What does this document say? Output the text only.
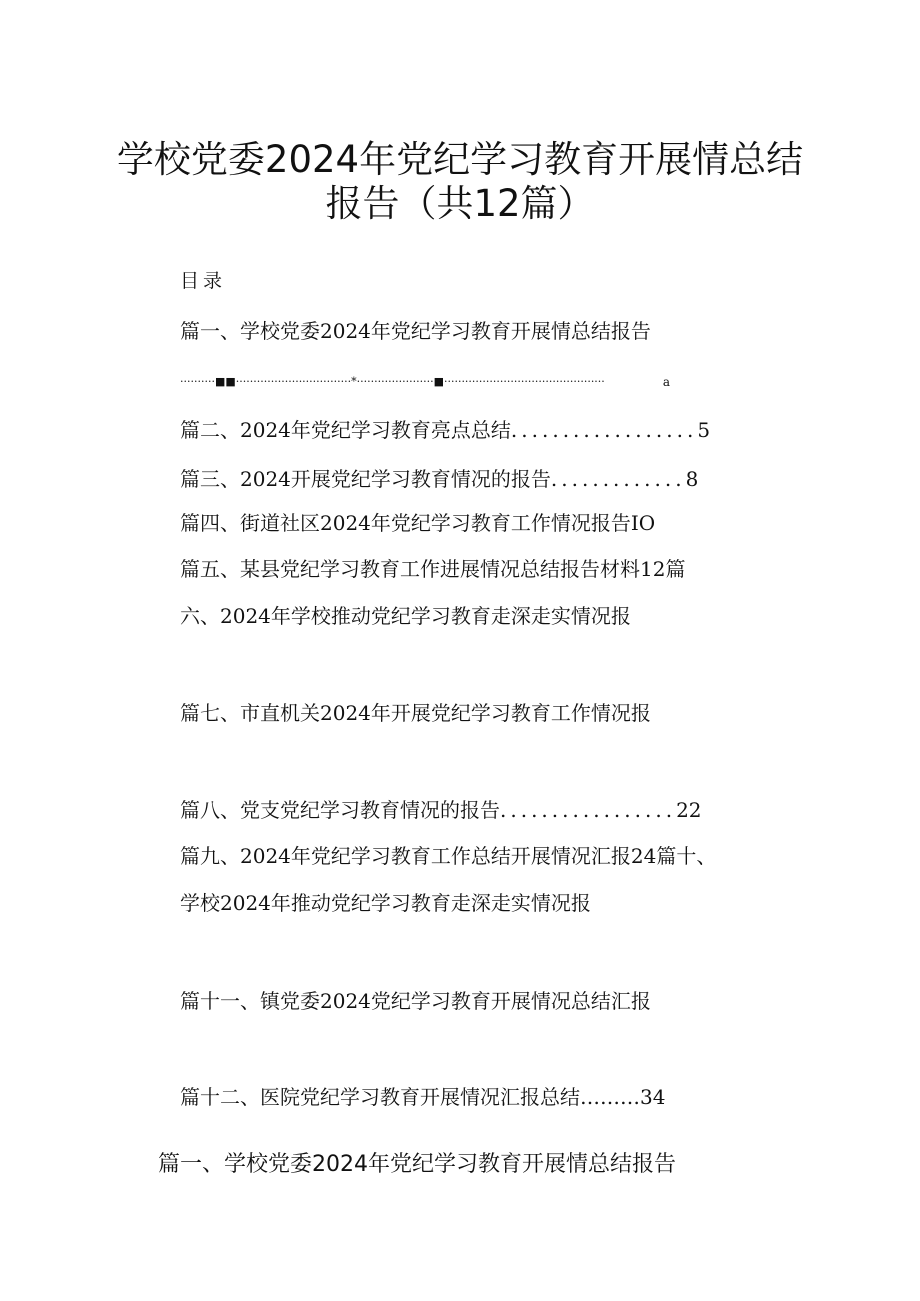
学校党委2024年党纪学习教育开展情总结
报告（共12篇）
目录
篇一、学校党委2024年党纪学习教育开展情总结报告
··········■■·································*······················■··············································	a
篇二、2024年党纪学习教育亮点总结..................5
篇三、2024开展党纪学习教育情况的报告.............8
篇四、街道社区2024年党纪学习教育工作情况报告IO
篇五、某县党纪学习教育工作进展情况总结报告材料12篇
六、2024年学校推动党纪学习教育走深走实情况报
篇七、市直机关2024年开展党纪学习教育工作情况报
篇八、党支党纪学习教育情况的报告.................22
篇九、2024年党纪学习教育工作总结开展情况汇报24篇十、
学校2024年推动党纪学习教育走深走实情况报
篇十一、镇党委2024党纪学习教育开展情况总结汇报
篇十二、医院党纪学习教育开展情况汇报总结………34
篇一、学校党委2024年党纪学习教育开展情总结报告
